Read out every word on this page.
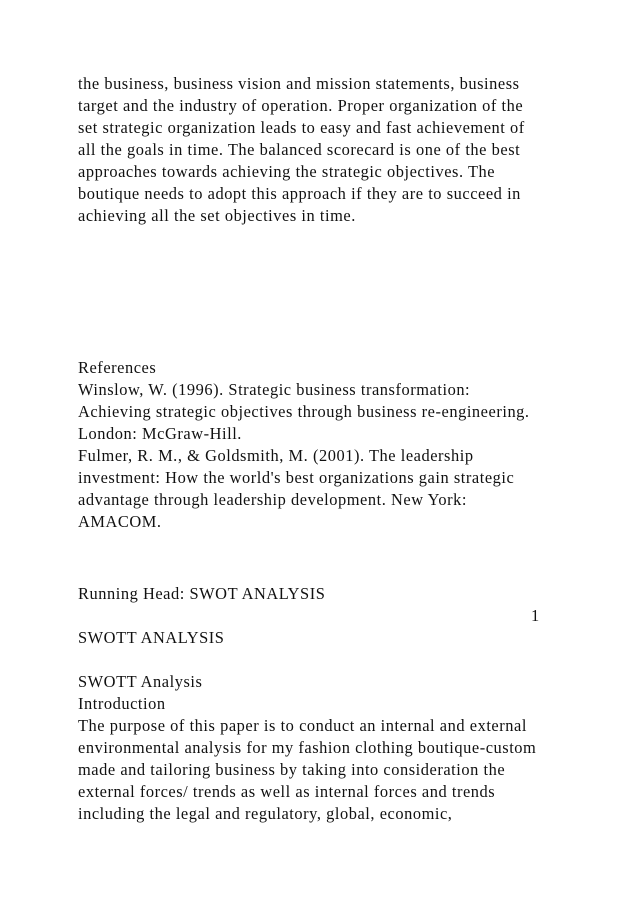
the business, business vision and mission statements, business
target and the industry of operation. Proper organization of the
set strategic organization leads to easy and fast achievement of
all the goals in time. The balanced scorecard is one of the best
approaches towards achieving the strategic objectives. The
boutique needs to adopt this approach if they are to succeed in
achieving all the set objectives in time.
References
Winslow, W. (1996). Strategic business transformation:
Achieving strategic objectives through business re-engineering.
London: McGraw-Hill.
Fulmer, R. M., & Goldsmith, M. (2001). The leadership
investment: How the world's best organizations gain strategic
advantage through leadership development. New York:
AMACOM.
Running Head: SWOT ANALYSIS
1
SWOTT ANALYSIS
SWOTT Analysis
Introduction
The purpose of this paper is to conduct an internal and external
environmental analysis for my fashion clothing boutique-custom
made and tailoring business by taking into consideration the
external forces/ trends as well as internal forces and trends
including the legal and regulatory, global, economic,
